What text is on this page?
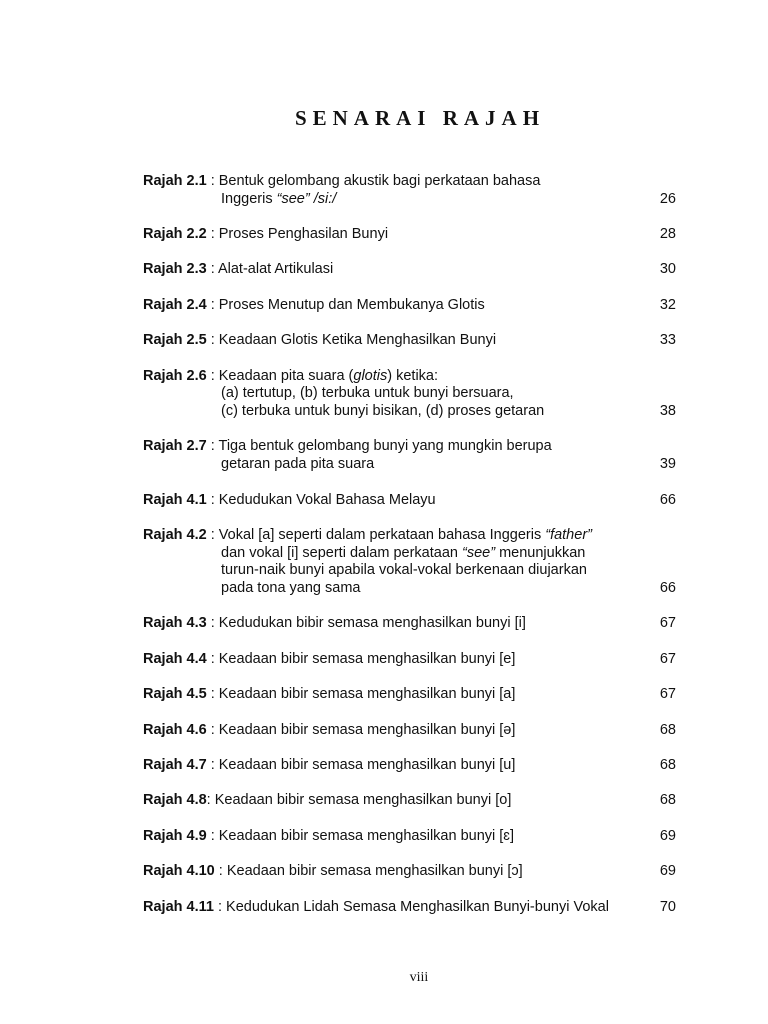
SENARAI RAJAH
Rajah 2.1 : Bentuk gelombang akustik bagi perkataan bahasa
Inggeris “see” /si:/	26
Rajah 2.2 : Proses Penghasilan Bunyi	28
Rajah 2.3 : Alat-alat Artikulasi	30
Rajah 2.4 : Proses Menutup dan Membukanya Glotis	32
Rajah 2.5 : Keadaan Glotis Ketika Menghasilkan Bunyi	33
Rajah 2.6 : Keadaan pita suara (glotis) ketika:
(a) tertutup, (b) terbuka untuk bunyi bersuara,
(c) terbuka untuk bunyi bisikan, (d) proses getaran	38
Rajah 2.7 : Tiga bentuk gelombang bunyi yang mungkin berupa
getaran pada pita suara	39
Rajah 4.1 : Kedudukan Vokal Bahasa Melayu	66
Rajah 4.2 : Vokal [a] seperti dalam perkataan bahasa Inggeris “father”
dan vokal [i] seperti dalam perkataan “see” menunjukkan
turun-naik bunyi apabila vokal-vokal berkenaan diujarkan
pada tona yang sama	66
Rajah 4.3 : Kedudukan bibir semasa menghasilkan bunyi [i]	67
Rajah 4.4 : Keadaan bibir semasa menghasilkan bunyi [e]	67
Rajah 4.5 : Keadaan bibir semasa menghasilkan bunyi [a]	67
Rajah 4.6 : Keadaan bibir semasa menghasilkan bunyi [ə]	68
Rajah 4.7 : Keadaan bibir semasa menghasilkan bunyi [u]	68
Rajah 4.8: Keadaan bibir semasa menghasilkan bunyi [o]	68
Rajah 4.9 : Keadaan bibir semasa menghasilkan bunyi [ɛ]	69
Rajah 4.10 : Keadaan bibir semasa menghasilkan bunyi [ɔ]	69
Rajah 4.11 : Kedudukan Lidah Semasa Menghasilkan Bunyi-bunyi Vokal	70
viii
